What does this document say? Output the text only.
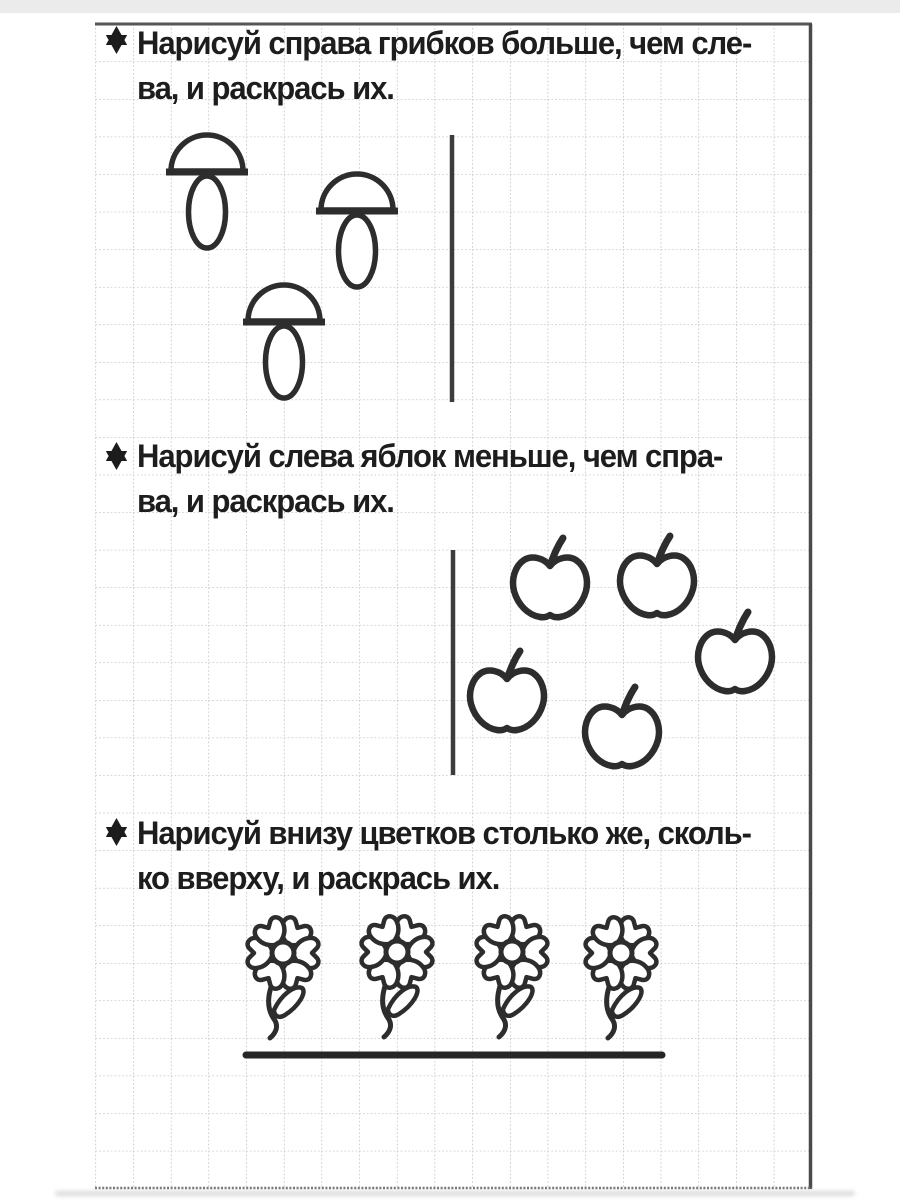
Нарисуй справа грибков больше, чем сле-
ва, и раскрась их.
Нарисуй слева яблок меньше, чем спра-
ва, и раскрась их.
Нарисуй внизу цветков столько же, сколь-
ко вверху, и раскрась их.
